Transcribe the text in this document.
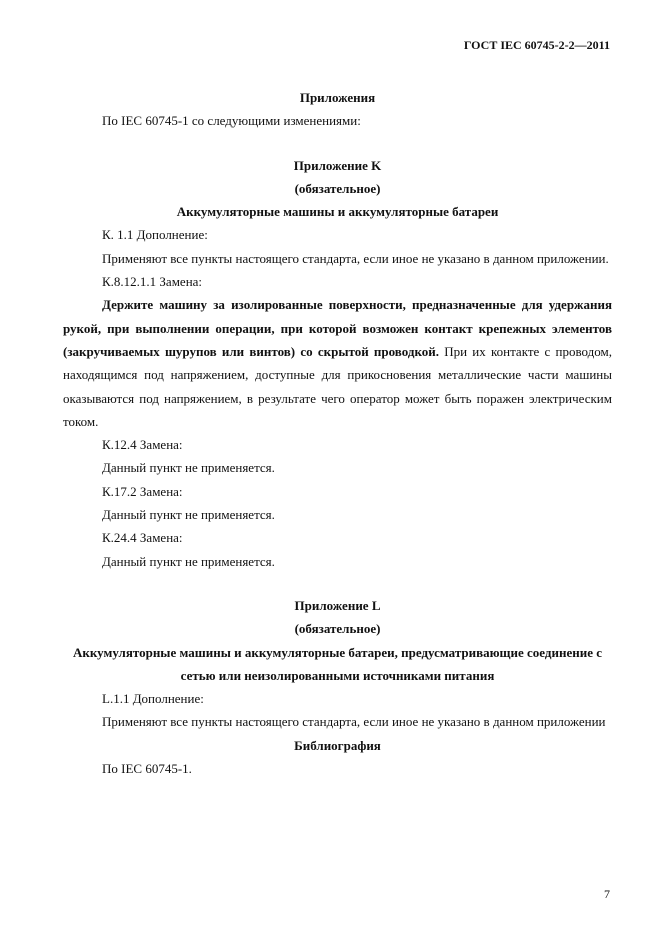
ГОСТ IEC 60745-2-2—2011

Приложения

По IEC 60745-1 со следующими изменениями:

Приложение K

(обязательное)

Аккумуляторные машины и аккумуляторные батареи

К. 1.1 Дополнение:

Применяют все пункты настоящего стандарта, если иное не указано в данном приложении.

К.8.12.1.1 Замена:

Держите машину за изолированные поверхности, предназначенные для удержания рукой, при выполнении операции, при которой возможен контакт крепежных элементов (закручиваемых шурупов или винтов) со скрытой проводкой. При их контакте с проводом, находящимся под напряжением, доступные для прикосновения металлические части машины оказываются под напряжением, в результате чего оператор может быть поражен электрическим током.

К.12.4 Замена:

Данный пункт не применяется.

К.17.2 Замена:

Данный пункт не применяется.

К.24.4 Замена:

Данный пункт не применяется.

Приложение L

(обязательное)

Аккумуляторные машины и аккумуляторные батареи, предусматривающие соединение с

сетью или неизолированными источниками питания

L.1.1 Дополнение:

Применяют все пункты настоящего стандарта, если иное не указано в данном приложении

Библиография

По IEC 60745-1.

7
